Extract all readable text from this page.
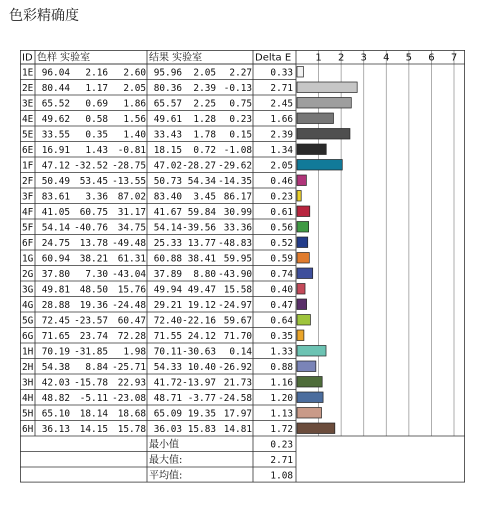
色彩精确度
1 2 3 4 5 6 7
ID 色样 实验室	结果 实验室	Delta E
1E 96.04 2.16 2.60 95.96 2.05 2.27 0.33
2E 80.44 1.17 2.05 80.36 2.39 -0.13 2.71
3E 65.52 0.69 1.86 65.57 2.25 0.75 2.45
4E 49.62 0.58 1.56 49.61 1.28 0.23 1.66
5E 33.55 0.35 1.40 33.43 1.78 0.15 2.39
6E 16.91 1.43 -0.81 18.15 0.72 -1.08 1.34
1F 47.12 -32.52 -28.75 47.02 -28.27 -29.62 2.05
2F 50.49 53.45 -13.55 50.73 54.34 -14.35 0.46
3F 83.61 3.36 87.02 83.40 3.45 86.17 0.23
4F 41.05 60.75 31.17 41.67 59.84 30.99 0.61
5F 54.14 -40.76 34.75 54.14 -39.56 33.36 0.56
6F 24.75 13.78 -49.48 25.33 13.77 -48.83 0.52
1G 60.94 38.21 61.31 60.88 38.41 59.95 0.59
2G 37.80 7.30 -43.04 37.89 8.80 -43.90 0.74
3G 49.81 48.50 15.76 49.94 49.47 15.58 0.40
4G 28.88 19.36 -24.48 29.21 19.12 -24.97 0.47
5G 72.45 -23.57 60.47 72.40 -22.16 59.67 0.64
6G 71.65 23.74 72.28 71.55 24.12 71.70 0.35
1H 70.19 -31.85 1.98 70.11 -30.63 0.14 1.33
2H 54.38 8.84 -25.71 54.33 10.40 -26.92 0.88
3H 42.03 -15.78 22.93 41.72 -13.97 21.73 1.16
4H 48.82 -5.11 -23.08 48.71 -3.77 -24.58 1.20
5H 65.10 18.14 18.68 65.09 19.35 17.97 1.13
6H 36.13 14.15 15.78 36.03 15.83 14.81 1.72
最小值	0.23
最大值:	2.71
平均值:	1.08
